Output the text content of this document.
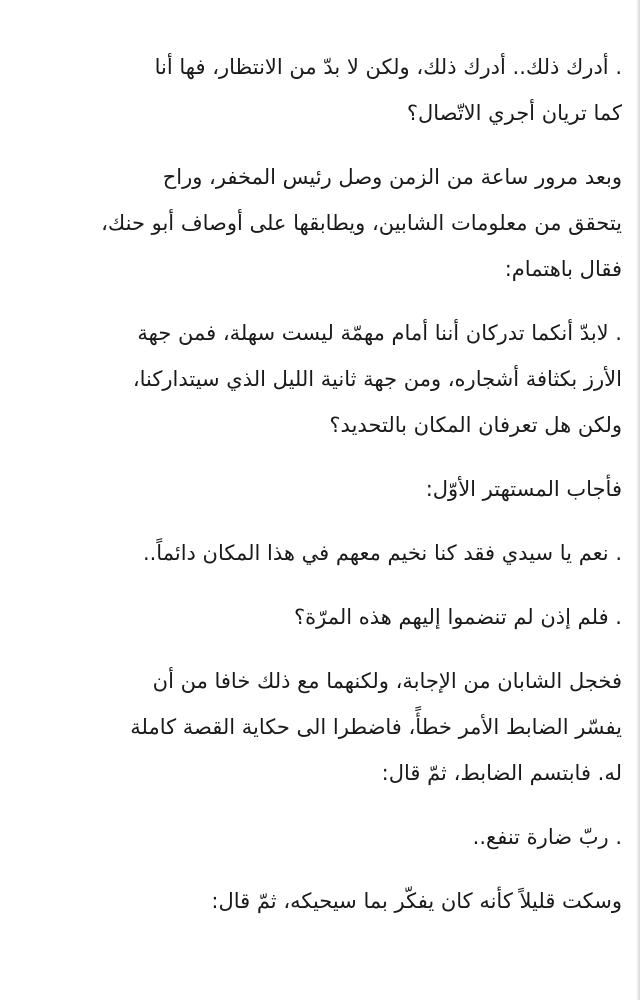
. أدرك ذلك.. أدرك ذلك، ولكن لا بدّ من الانتظار، فها أنا
كما تريان أجري الاتّصال؟

وبعد مرور ساعة من الزمن وصل رئيس المخفر، وراح
يتحقق من معلومات الشابين، ويطابقها على أوصاف أبو حنك،
فقال باهتمام:

. لابدّ أنكما تدركان أننا أمام مهمّة ليست سهلة، فمن جهة
الأرز بكثافة أشجاره، ومن جهة ثانية الليل الذي سيتداركنا،
ولكن هل تعرفان المكان بالتحديد؟

فأجاب المستهتر الأوّل:

. نعم يا سيدي فقد كنا نخيم معهم في هذا المكان دائماً..

. فلم إذن لم تنضموا إليهم هذه المرّة؟

فخجل الشابان من الإجابة، ولكنهما مع ذلك خافا من أن
يفسّر الضابط الأمر خطأً، فاضطرا الى حكاية القصة كاملة
له. فابتسم الضابط، ثمّ قال:

. ربّ ضارة تنفع..

وسكت قليلاً كأنه كان يفكّر بما سيحيكه، ثمّ قال:
